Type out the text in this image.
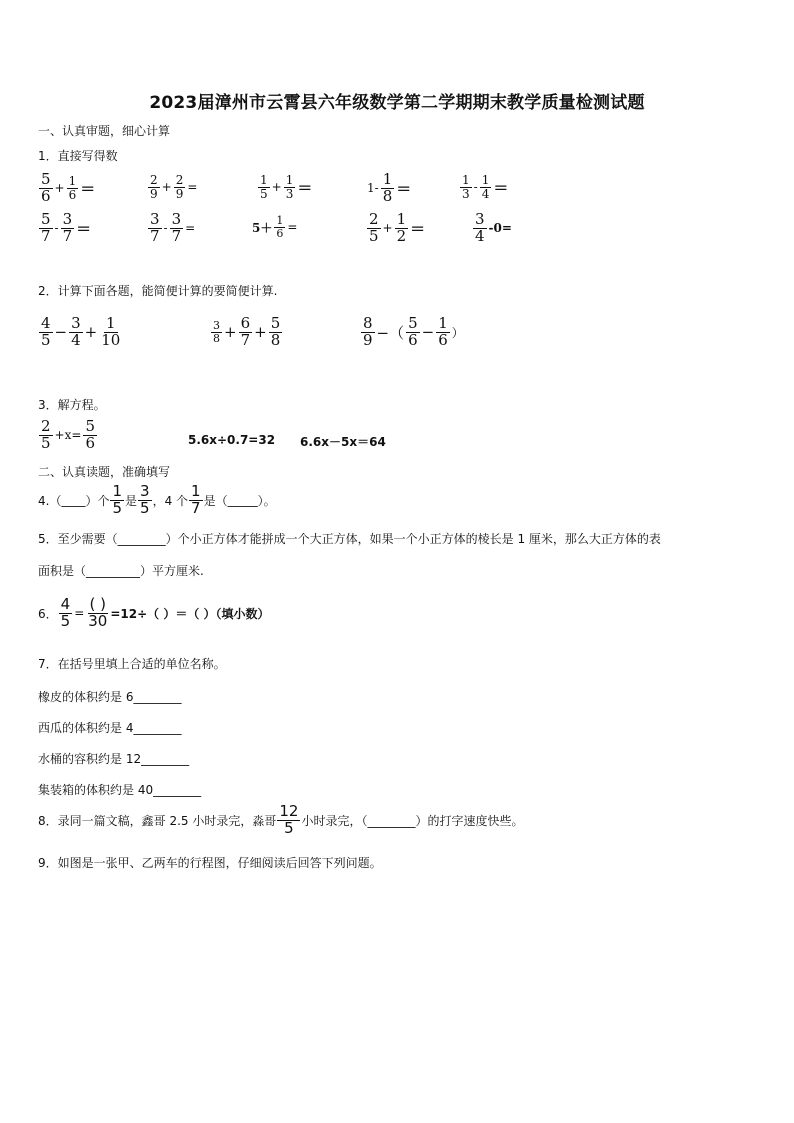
2023届漳州市云霄县六年级数学第二学期期末教学质量检测试题
一、认真审题，细心计算
1．直接写得数
$\frac{5}{6} + \frac{1}{6}$ ＝	$\frac{2}{9} + \frac{2}{9}$ =	$\frac{1}{5} + \frac{1}{3}$ ＝	$1- \frac{1}{8}$ ＝	$\frac{1}{3} - \frac{1}{4}$ ＝
$\frac{5}{7} - \frac{3}{7}$ ＝	$\frac{3}{7} - \frac{3}{7}$ =	$5+ \frac{1}{6}$ =	$\frac{2}{5} + \frac{1}{2}$ ＝	$\frac{3}{4} -0=$
2．计算下面各题，能简便计算的要简便计算.
$\frac{4}{5} - \frac{3}{4} + \frac{1}{10}$	$\frac{3}{8} + \frac{6}{7} + \frac{5}{8}$	$\frac{8}{9}$ −（ $\frac{5}{6} - \frac{1}{6}$ ）
3．解方程。
$\frac{2}{5} +x= \frac{5}{6}$	5.6x÷0.7=32 6.6x－5x＝64
二、认真读题，准确填写
4.（ ____ ）个 $\frac{1}{5}$ 是 $\frac{3}{5}$ ，4 个 $\frac{1}{7}$ 是（ _____ ）。
5．至少需要（________）个小正方体才能拼成一个大正方体，如果一个小正方体的棱长是 1 厘米，那么大正方体的表
面积是（_________）平方厘米.
6． $\frac{4}{5} = \frac{( )}{30} =12\div$（ ）＝（ ）（填小数）
7．在括号里填上合适的单位名称。
橡皮的体积约是 6________
西瓜的体积约是 4________
水桶的容积约是 12________
集装箱的体积约是 40________
8．录同一篇文稿，鑫哥 2.5 小时录完，淼哥 $\frac{12}{5}$ 小时录完，（________）的打字速度快些。
9．如图是一张甲、乙两车的行程图，仔细阅读后回答下列问题。
